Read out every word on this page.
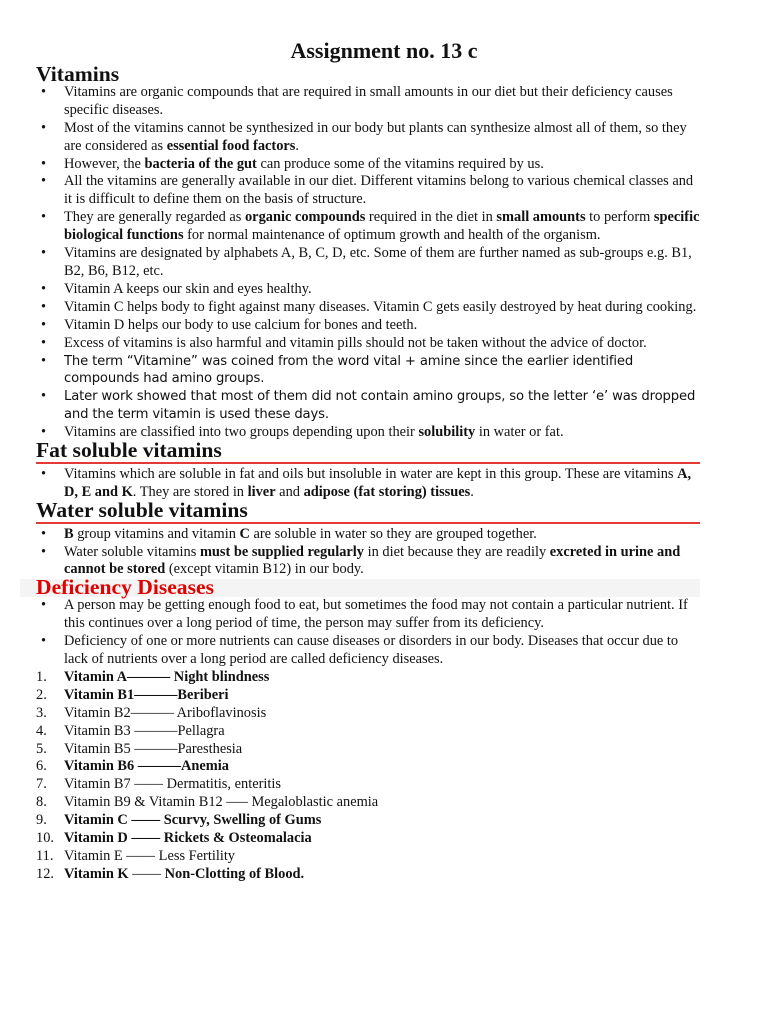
Assignment no. 13 c
Vitamins
• Vitamins are organic compounds that are required in small amounts in our diet but their deficiency causes specific diseases.
• Most of the vitamins cannot be synthesized in our body but plants can synthesize almost all of them, so they are considered as essential food factors.
• However, the bacteria of the gut can produce some of the vitamins required by us.
• All the vitamins are generally available in our diet. Different vitamins belong to various chemical classes and it is difficult to define them on the basis of structure.
• They are generally regarded as organic compounds required in the diet in small amounts to perform specific biological functions for normal maintenance of optimum growth and health of the organism.
• Vitamins are designated by alphabets A, B, C, D, etc. Some of them are further named as sub-groups e.g. B1, B2, B6, B12, etc.
• Vitamin A keeps our skin and eyes healthy.
• Vitamin C helps body to fight against many diseases. Vitamin C gets easily destroyed by heat during cooking.
• Vitamin D helps our body to use calcium for bones and teeth.
• Excess of vitamins is also harmful and vitamin pills should not be taken without the advice of doctor.
• The term “Vitamine” was coined from the word vital + amine since the earlier identified compounds had amino groups.
• Later work showed that most of them did not contain amino groups, so the letter ‘e’ was dropped and the term vitamin is used these days.
• Vitamins are classified into two groups depending upon their solubility in water or fat.
Fat soluble vitamins
• Vitamins which are soluble in fat and oils but insoluble in water are kept in this group. These are vitamins A, D, E and K. They are stored in liver and adipose (fat storing) tissues.
Water soluble vitamins
• B group vitamins and vitamin C are soluble in water so they are grouped together.
• Water soluble vitamins must be supplied regularly in diet because they are readily excreted in urine and cannot be stored (except vitamin B12) in our body.
Deficiency Diseases
• A person may be getting enough food to eat, but sometimes the food may not contain a particular nutrient. If this continues over a long period of time, the person may suffer from its deficiency.
• Deficiency of one or more nutrients can cause diseases or disorders in our body. Diseases that occur due to lack of nutrients over a long period are called deficiency diseases.
1.	Vitamin A——— Night blindness
2.	Vitamin B1———Beriberi
3.	Vitamin B2——— Ariboflavinosis
4.	Vitamin B3 ———Pellagra
5.	Vitamin B5 ———Paresthesia
6.	Vitamin B6 ———Anemia
7.	Vitamin B7 —— Dermatitis, enteritis
8.	Vitamin B9 & Vitamin B12 —– Megaloblastic anemia
9.	Vitamin C —— Scurvy, Swelling of Gums
10. Vitamin D —— Rickets & Osteomalacia
11. Vitamin E —— Less Fertility
12. Vitamin K —— Non-Clotting of Blood.
